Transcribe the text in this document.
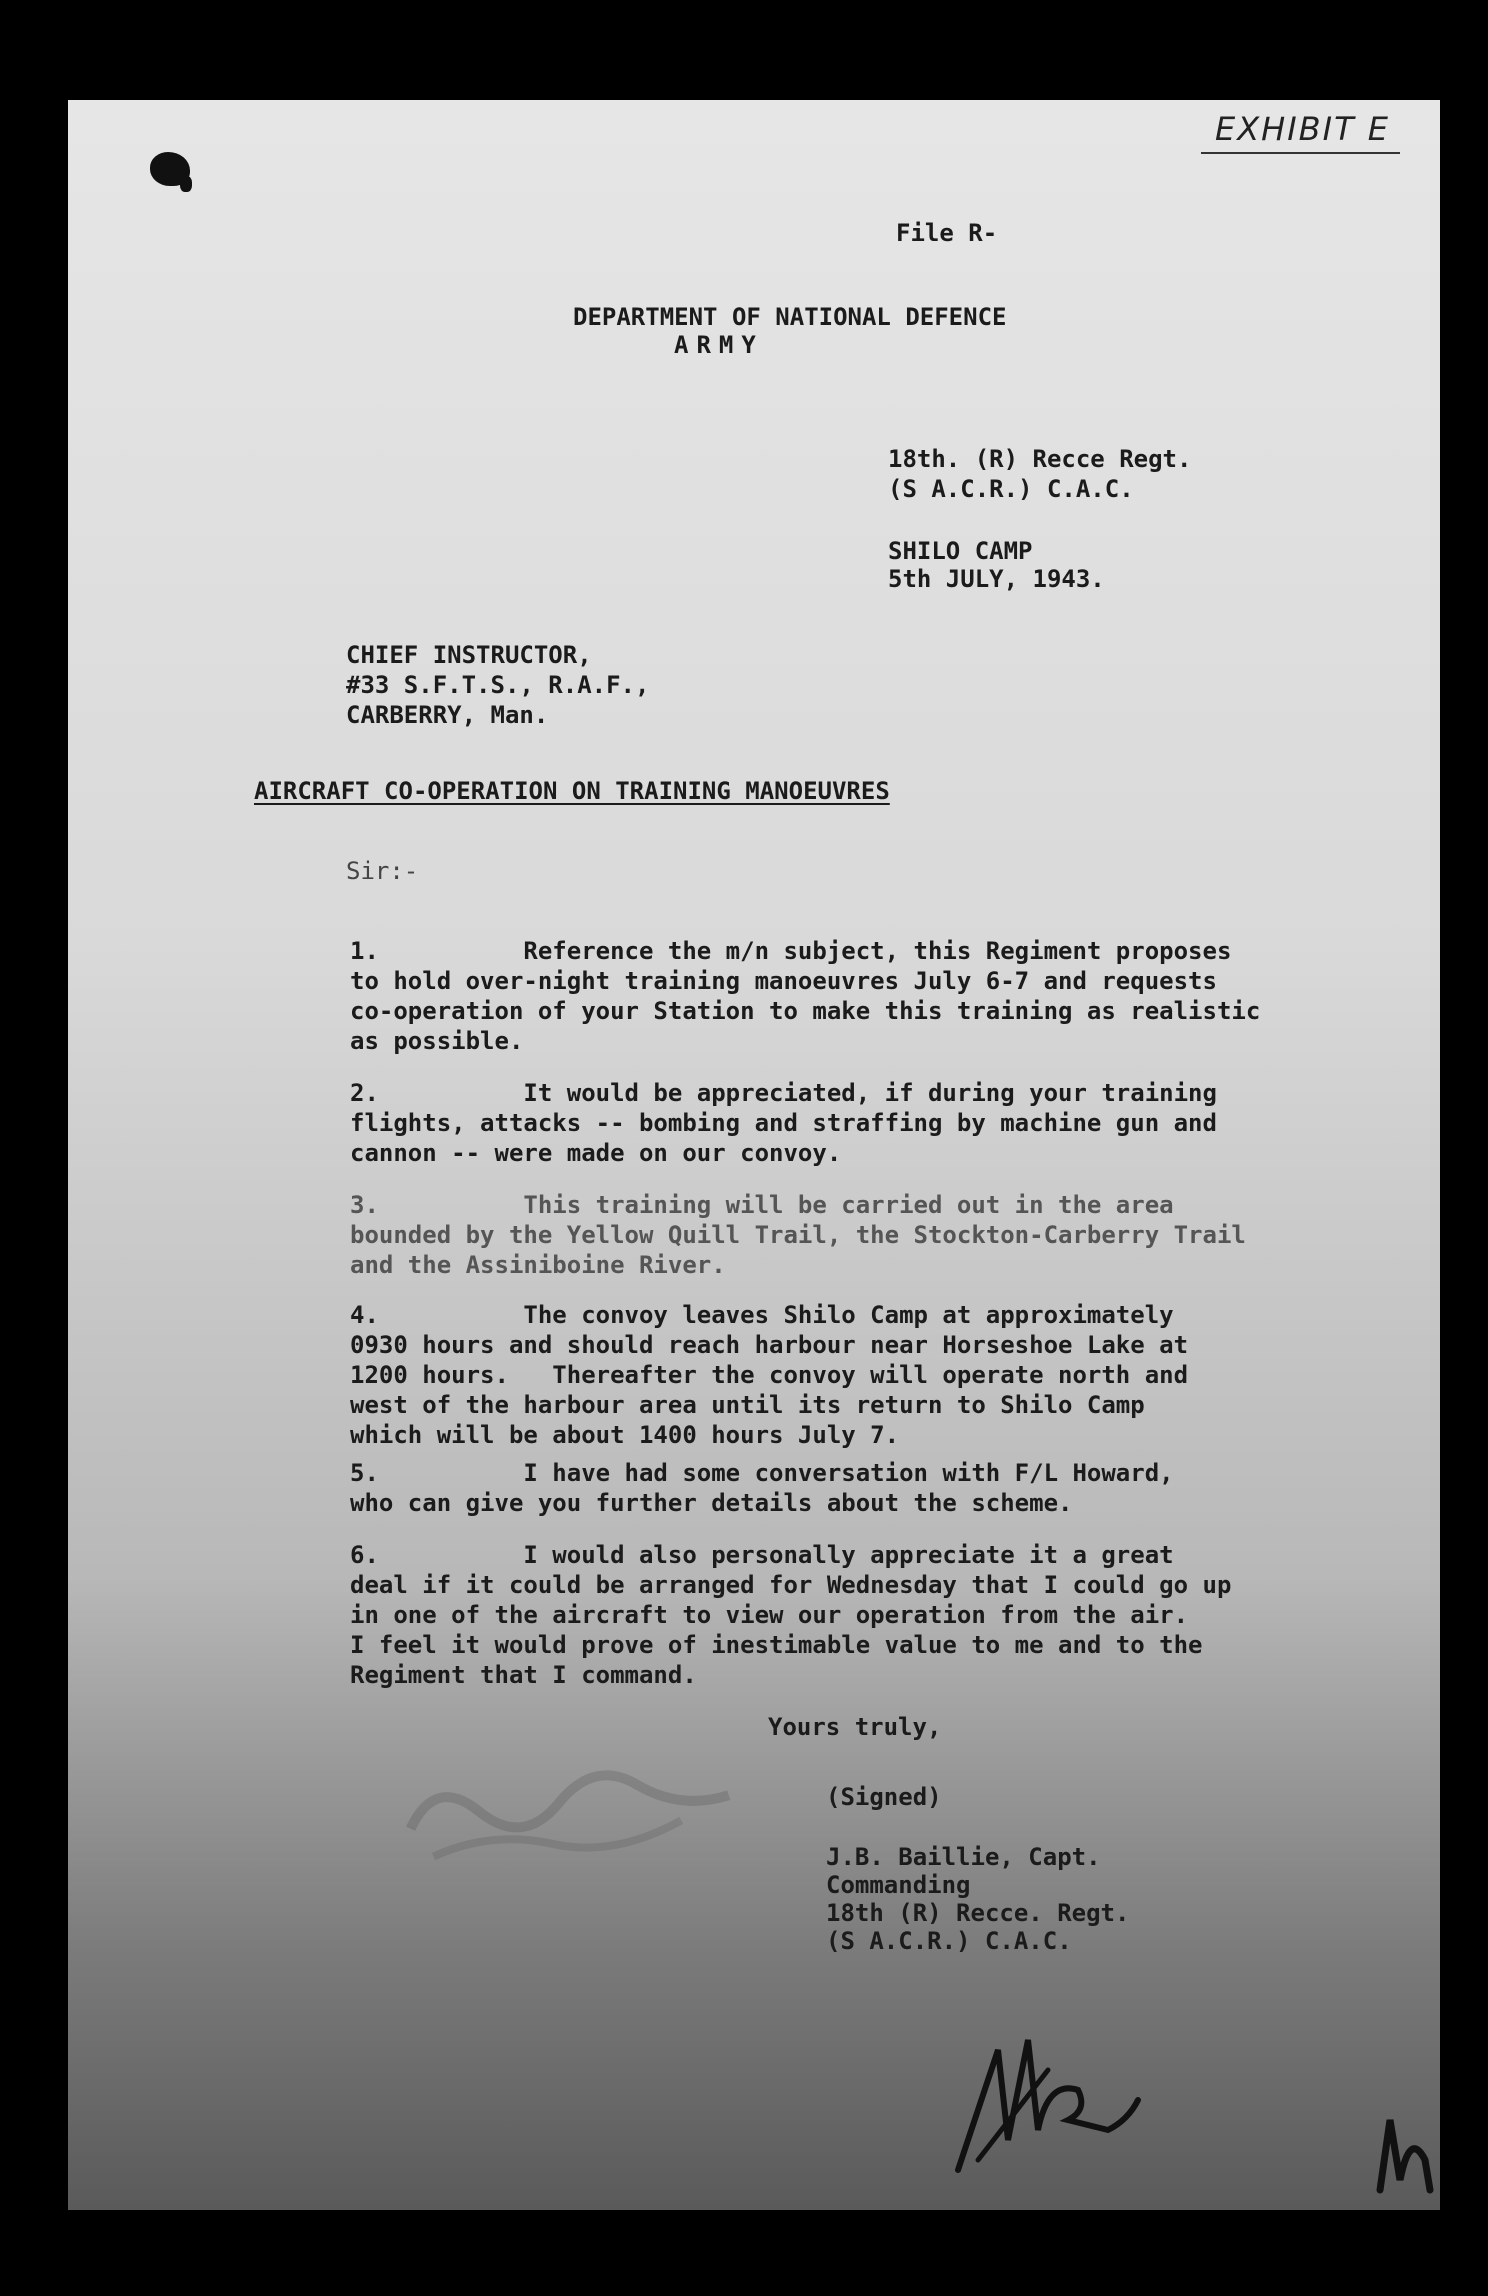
EXHIBIT E
File R-
DEPARTMENT OF NATIONAL DEFENCE
ARMY
18th. (R) Recce Regt.
(S A.C.R.) C.A.C.
SHILO CAMP
5th JULY, 1943.
CHIEF INSTRUCTOR,
#33 S.F.T.S., R.A.F.,
CARBERRY, Man.
AIRCRAFT CO-OPERATION ON TRAINING MANOEUVRES
Sir:-
1.          Reference the m/n subject, this Regiment proposes
to hold over-night training manoeuvres July 6-7 and requests
co-operation of your Station to make this training as realistic
as possible.
2.          It would be appreciated, if during your training
flights, attacks -- bombing and straffing by machine gun and
cannon -- were made on our convoy.
3.          This training will be carried out in the area
bounded by the Yellow Quill Trail, the Stockton-Carberry Trail
and the Assiniboine River.
4.          The convoy leaves Shilo Camp at approximately
0930 hours and should reach harbour near Horseshoe Lake at
1200 hours.   Thereafter the convoy will operate north and
west of the harbour area until its return to Shilo Camp
which will be about 1400 hours July 7.
5.          I have had some conversation with F/L Howard,
who can give you further details about the scheme.
6.          I would also personally appreciate it a great
deal if it could be arranged for Wednesday that I could go up
in one of the aircraft to view our operation from the air.
I feel it would prove of inestimable value to me and to the
Regiment that I command.
Yours truly,
(Signed)
J.B. Baillie, Capt.
Commanding
18th (R) Recce. Regt.
(S A.C.R.) C.A.C.
